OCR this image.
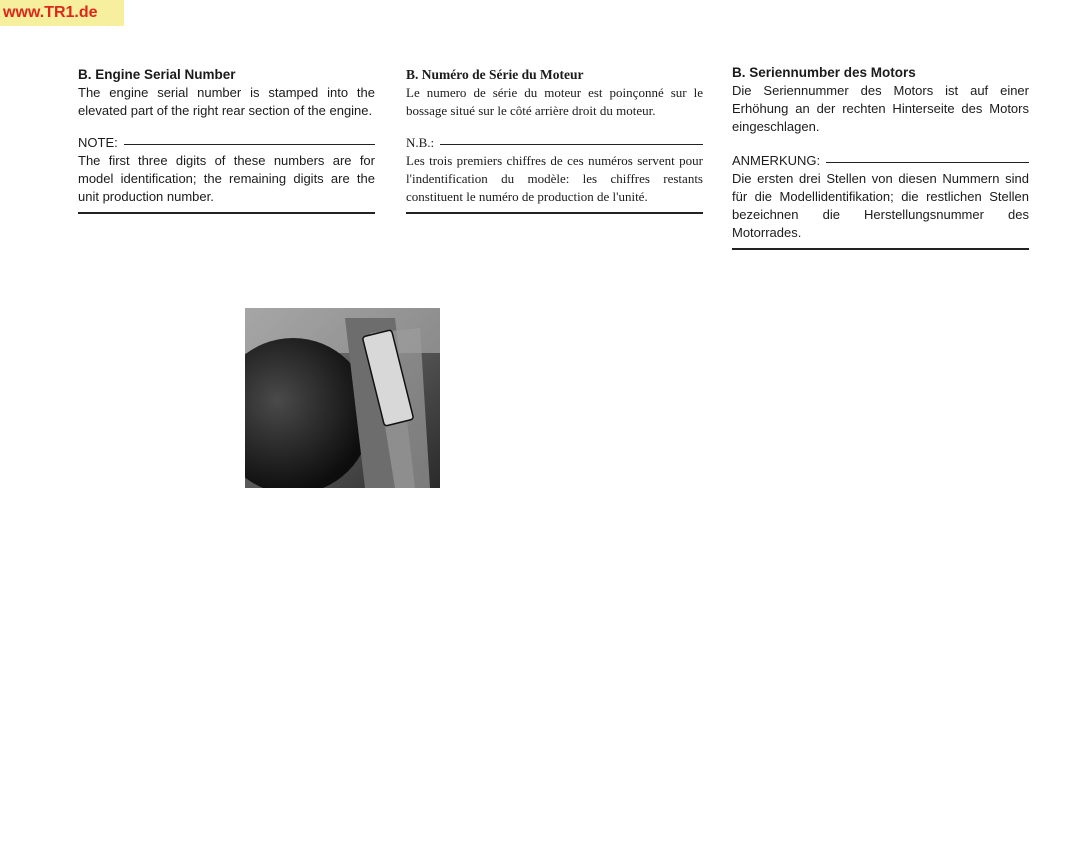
www.TR1.de
B. Engine Serial Number
The engine serial number is stamped into the elevated part of the right rear section of the engine.
NOTE:
The first three digits of these numbers are for model identification; the remaining digits are the unit production number.
B. Numéro de Série du Moteur
Le numero de série du moteur est poinçonné sur le bossage situé sur le côté arrière droit du moteur.
N.B.:
Les trois premiers chiffres de ces numéros servent pour l'indentification du modèle: les chiffres restants constituent le numéro de production de l'unité.
B. Seriennumber des Motors
Die Seriennummer des Motors ist auf einer Erhöhung an der rechten Hinterseite des Motors eingeschlagen.
ANMERKUNG:
Die ersten drei Stellen von diesen Nummern sind für die Modellidentifikation; die restlichen Stellen bezeichnen die Herstellungsnummer des Motorrades.
